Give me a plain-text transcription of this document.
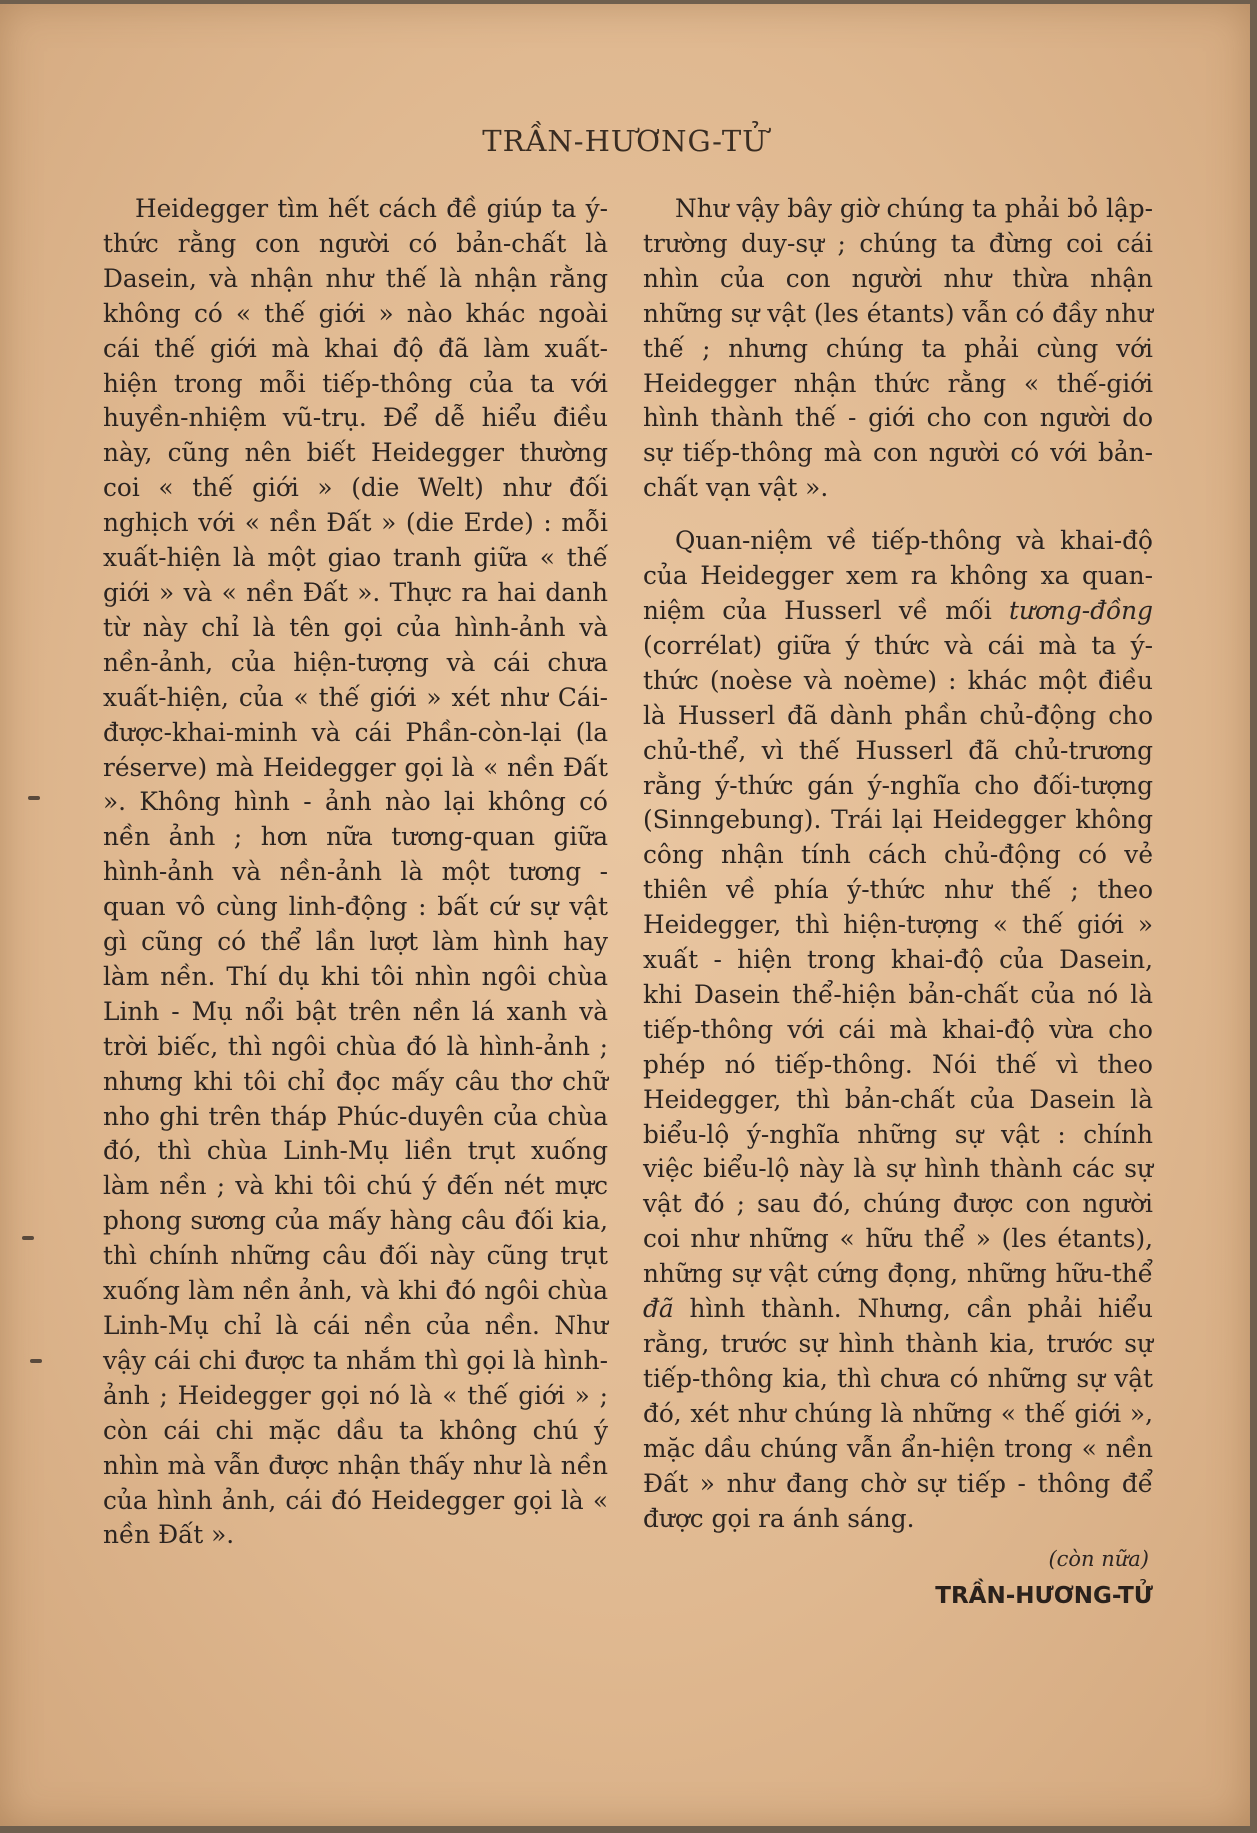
TRẦN-HƯƠNG-TỬ

Heidegger tìm hết cách đề giúp ta ý-thức rằng con người có bản-chất là Dasein, và nhận như thế là nhận rằng không có « thế giới » nào khác ngoài cái thế giới mà khai độ đã làm xuất-hiện trong mỗi tiếp-thông của ta với huyền-nhiệm vũ-trụ. Để dễ hiểu điều này, cũng nên biết Heidegger thường coi « thế giới » (die Welt) như đối nghịch với « nền Đất » (die Erde) : mỗi xuất-hiện là một giao tranh giữa « thế giới » và « nền Đất ». Thực ra hai danh từ này chỉ là tên gọi của hình-ảnh và nền-ảnh, của hiện-tượng và cái chưa xuất-hiện, của « thế giới » xét như Cái-được-khai-minh và cái Phần-còn-lại (la réserve) mà Heidegger gọi là « nền Đất ». Không hình - ảnh nào lại không có nền ảnh ; hơn nữa tương-quan giữa hình-ảnh và nền-ảnh là một tương - quan vô cùng linh-động : bất cứ sự vật gì cũng có thể lần lượt làm hình hay làm nền. Thí dụ khi tôi nhìn ngôi chùa Linh - Mụ nổi bật trên nền lá xanh và trời biếc, thì ngôi chùa đó là hình-ảnh ; nhưng khi tôi chỉ đọc mấy câu thơ chữ nho ghi trên tháp Phúc-duyên của chùa đó, thì chùa Linh-Mụ liền trụt xuống làm nền ; và khi tôi chú ý đến nét mực phong sương của mấy hàng câu đối kia, thì chính những câu đối này cũng trụt xuống làm nền ảnh, và khi đó ngôi chùa Linh-Mụ chỉ là cái nền của nền. Như vậy cái chi được ta nhắm thì gọi là hình-ảnh ; Heidegger gọi nó là « thế giới » ; còn cái chi mặc dầu ta không chú ý nhìn mà vẫn được nhận thấy như là nền của hình ảnh, cái đó Heidegger gọi là « nền Đất ».

Như vậy bây giờ chúng ta phải bỏ lập-trường duy-sự ; chúng ta đừng coi cái nhìn của con người như thừa nhận những sự vật (les étants) vẫn có đầy như thế ; nhưng chúng ta phải cùng với Heidegger nhận thức rằng « thế-giới hình thành thế - giới cho con người do sự tiếp-thông mà con người có với bản-chất vạn vật ».

Quan-niệm về tiếp-thông và khai-độ của Heidegger xem ra không xa quan-niệm của Husserl về mối tương-đồng (corrélat) giữa ý thức và cái mà ta ý-thức (noèse và noème) : khác một điều là Husserl đã dành phần chủ-động cho chủ-thể, vì thế Husserl đã chủ-trương rằng ý-thức gán ý-nghĩa cho đối-tượng (Sinngebung). Trái lại Heidegger không công nhận tính cách chủ-động có vẻ thiên về phía ý-thức như thế ; theo Heidegger, thì hiện-tượng « thế giới » xuất - hiện trong khai-độ của Dasein, khi Dasein thể-hiện bản-chất của nó là tiếp-thông với cái mà khai-độ vừa cho phép nó tiếp-thông. Nói thế vì theo Heidegger, thì bản-chất của Dasein là biểu-lộ ý-nghĩa những sự vật : chính việc biểu-lộ này là sự hình thành các sự vật đó ; sau đó, chúng được con người coi như những « hữu thể » (les étants), những sự vật cứng đọng, những hữu-thể đã hình thành. Nhưng, cần phải hiểu rằng, trước sự hình thành kia, trước sự tiếp-thông kia, thì chưa có những sự vật đó, xét như chúng là những « thế giới », mặc dầu chúng vẫn ẩn-hiện trong « nền Đất » như đang chờ sự tiếp - thông để được gọi ra ánh sáng.

(còn nữa)
TRẦN-HƯƠNG-TỬ
